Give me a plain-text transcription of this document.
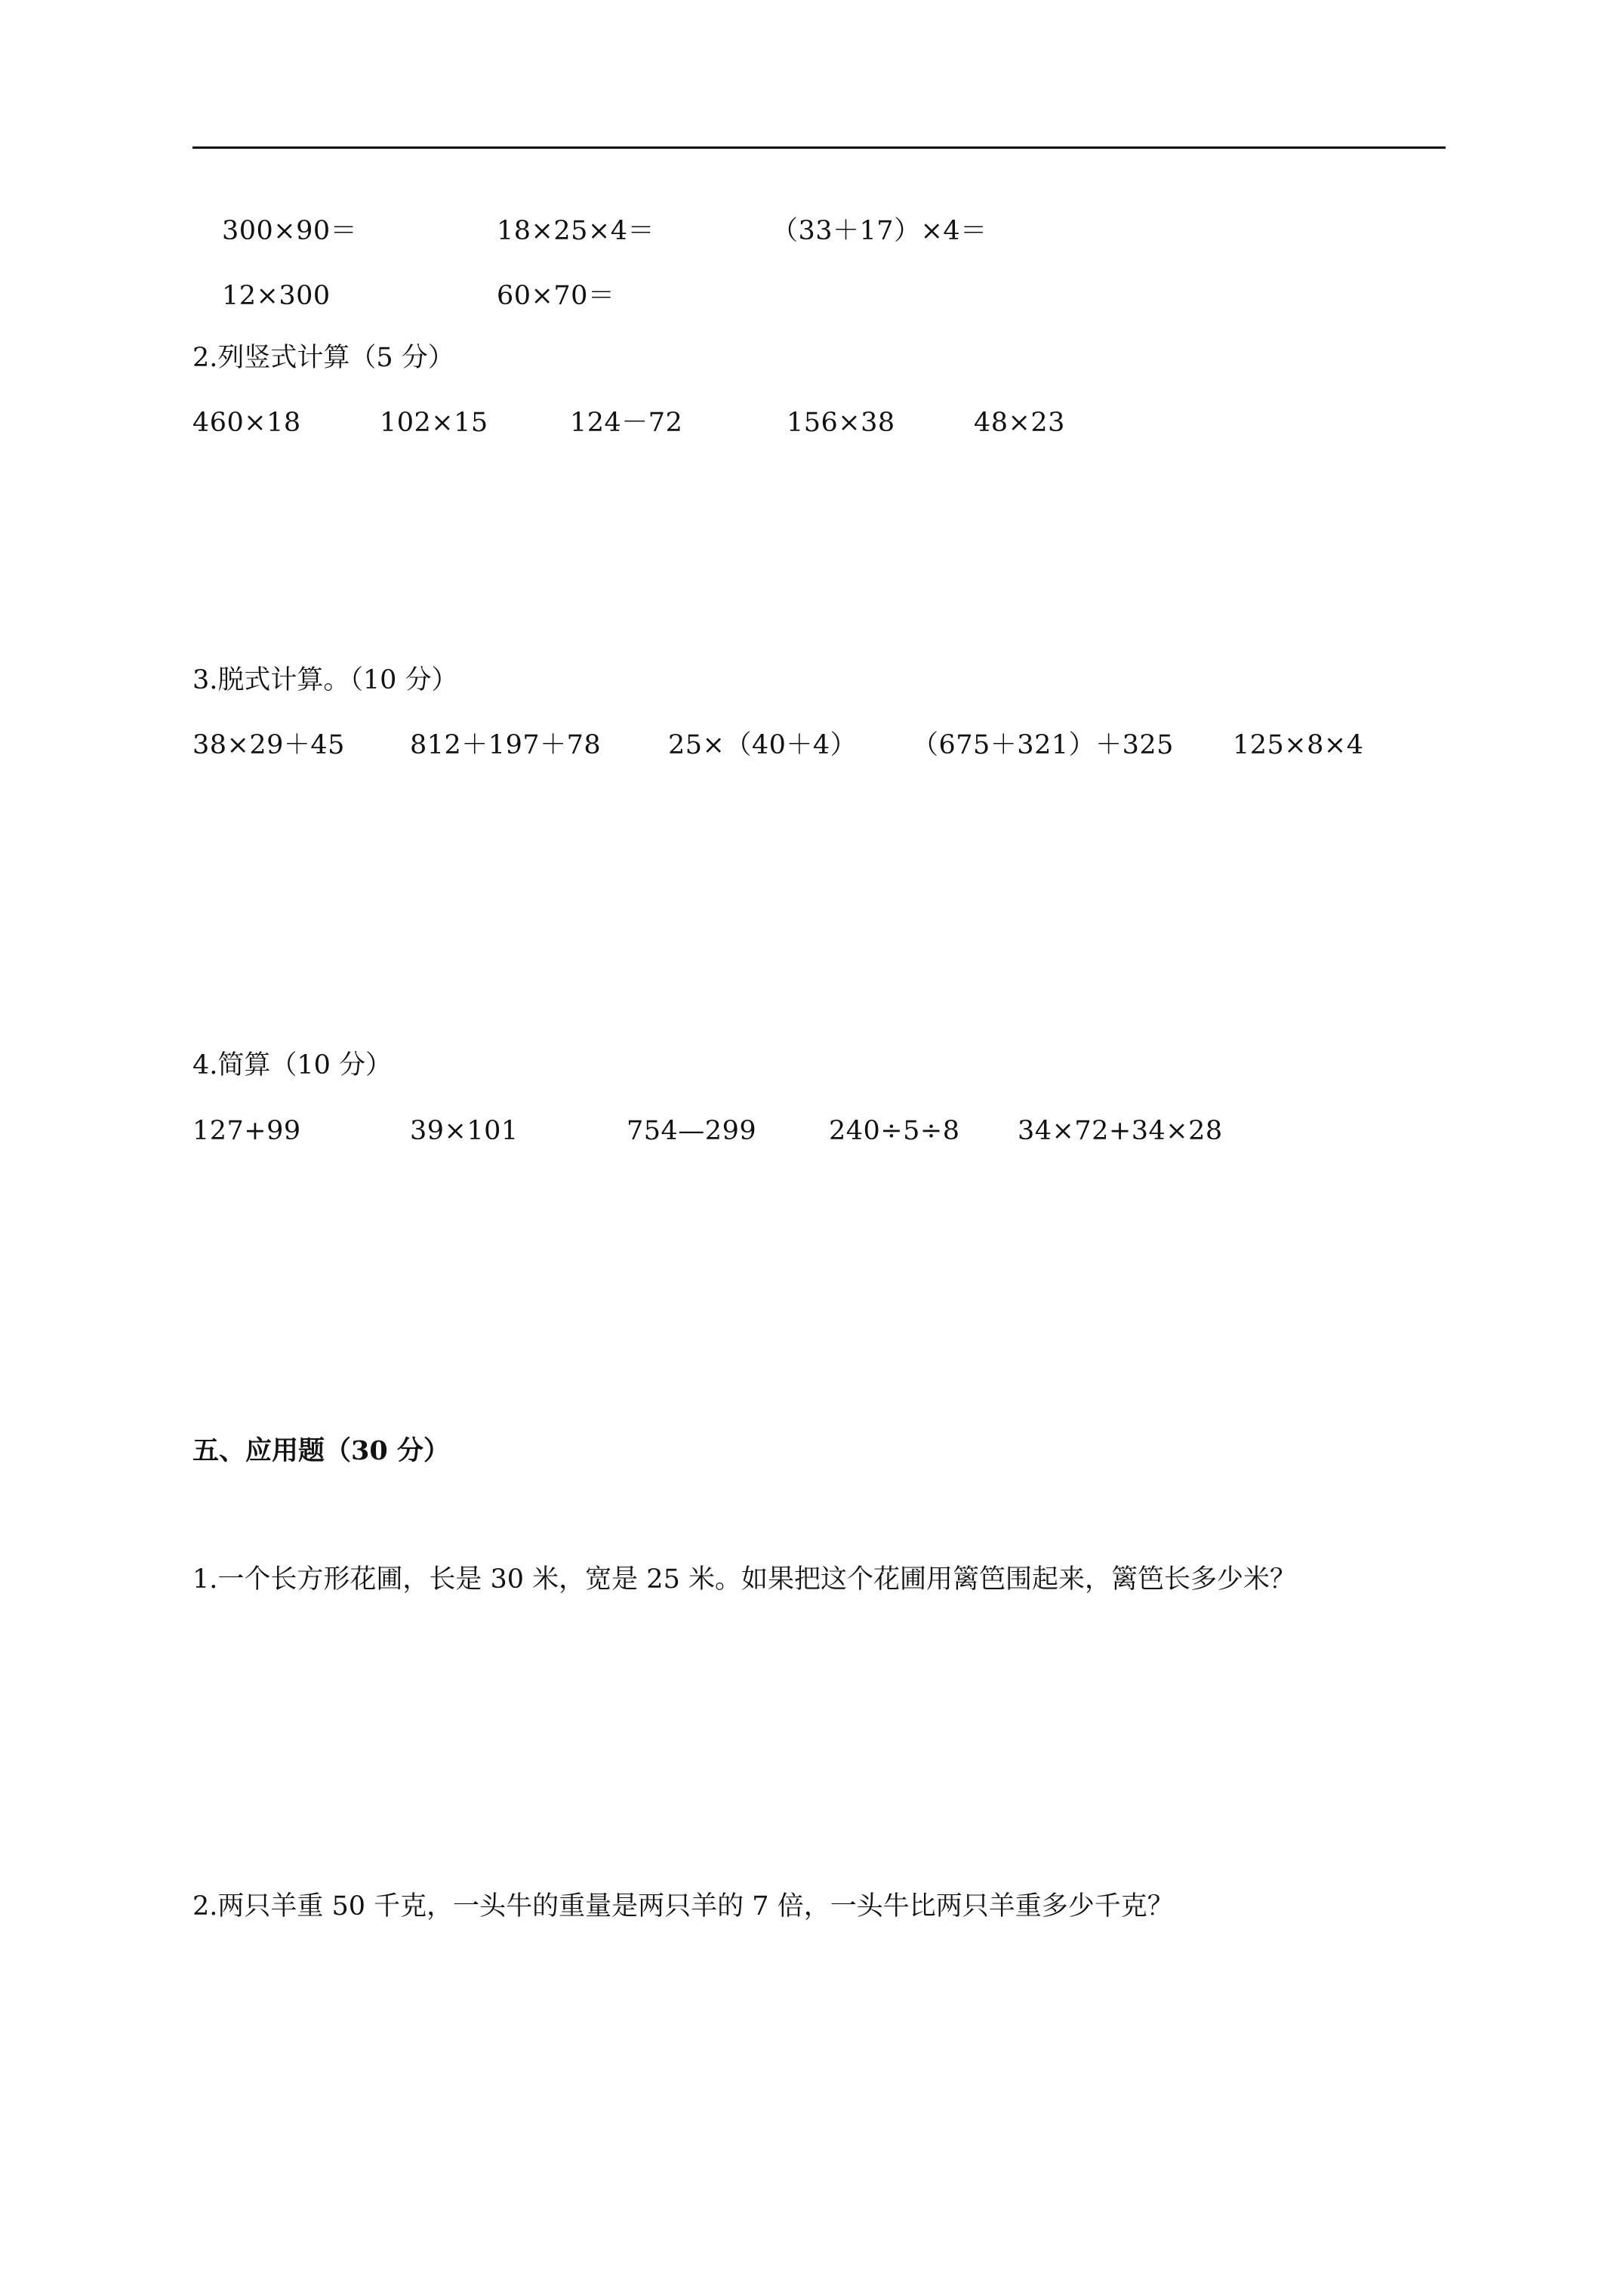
300×90＝	18×25×4＝	（33＋17）×4＝
12×300	60×70＝
2.列竖式计算（5 分）
460×18	102×15	124－72	156×38	48×23
3.脱式计算。（10 分）
38×29＋45 812＋197＋78	25×（40＋4） （675＋321）＋325 125×8×4
4.简算（10 分）
127+99	39×101	754—299	240÷5÷8 34×72+34×28
五、应用题（30 分）
1.一个长方形花圃，长是 30 米，宽是 25 米。如果把这个花圃用篱笆围起来，篱笆长多少米？
2.两只羊重 50 千克，一头牛的重量是两只羊的 7 倍，一头牛比两只羊重多少千克？
